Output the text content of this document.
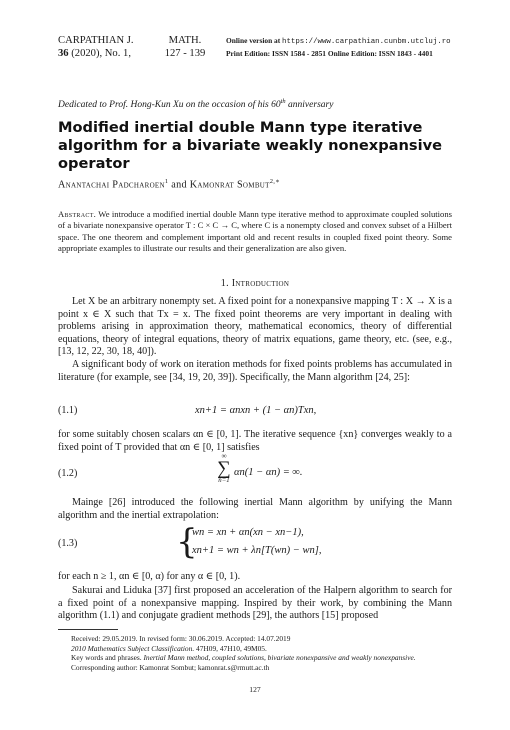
CARPATHIAN J.
36 (2020), No. 1,
MATH.
127 - 139
Online version at https://www.carpathian.cunbm.utcluj.ro
Print Edition: ISSN 1584 - 2851 Online Edition: ISSN 1843 - 4401
Dedicated to Prof. Hong-Kun Xu on the occasion of his 60th anniversary
Modified inertial double Mann type iterative algorithm for a bivariate weakly nonexpansive operator
Anantachai Padcharoen$^1$ and Kamonrat Sombut$^{2,∗}$
Abstract. We introduce a modified inertial double Mann type iterative method to approximate coupled solutions of a bivariate nonexpansive operator T : C × C → C, where C is a nonempty closed and convex subset of a Hilbert space. The one theorem and complement important old and recent results in coupled fixed point theory. Some appropriate examples to illustrate our results and their generalization are also given.
1. Introduction
Let X be an arbitrary nonempty set. A fixed point for a nonexpansive mapping T : X → X is a point x ∈ X such that Tx = x. The fixed point theorems are very important in dealing with problems arising in approximation theory, mathematical economics, theory of differential equations, theory of integral equations, theory of matrix equations, game theory, etc. (see, e.g., [13, 12, 22, 30, 18, 40]).
A significant body of work on iteration methods for fixed points problems has accumulated in literature (for example, see [34, 19, 20, 39]). Specifically, the Mann algorithm [24, 25]:
(1.1)	xn+1 = αnxn + (1 − αn)Txn,
for some suitably chosen scalars αn ∈ [0, 1]. The iterative sequence {xn} converges weakly to a fixed point of T provided that αn ∈ [0, 1] satisfies
(1.2)
∞
∑
n=1
αn(1 − αn) = ∞.
Mainge [26] introduced the following inertial Mann algorithm by unifying the Mann algorithm and the inertial extrapolation:
(1.3)	{
wn = xn + αn(xn − xn−1),
xn+1 = wn + λn[T(wn) − wn],
for each n ≥ 1, αn ∈ [0, α) for any α ∈ [0, 1).
Sakurai and Liduka [37] first proposed an acceleration of the Halpern algorithm to search for a fixed point of a nonexpansive mapping. Inspired by their work, by combining the Mann algorithm (1.1) and conjugate gradient methods [29], the authors [15] proposed
Received: 29.05.2019. In revised form: 30.06.2019. Accepted: 14.07.2019
2010 Mathematics Subject Classification. 47H09, 47H10, 49M05.
Key words and phrases. Inertial Mann method, coupled solutions, bivariate nonexpansive and weakly nonexpansive.
Corresponding author: Kamonrat Sombut; kamonrat.s@rmutt.ac.th
127
